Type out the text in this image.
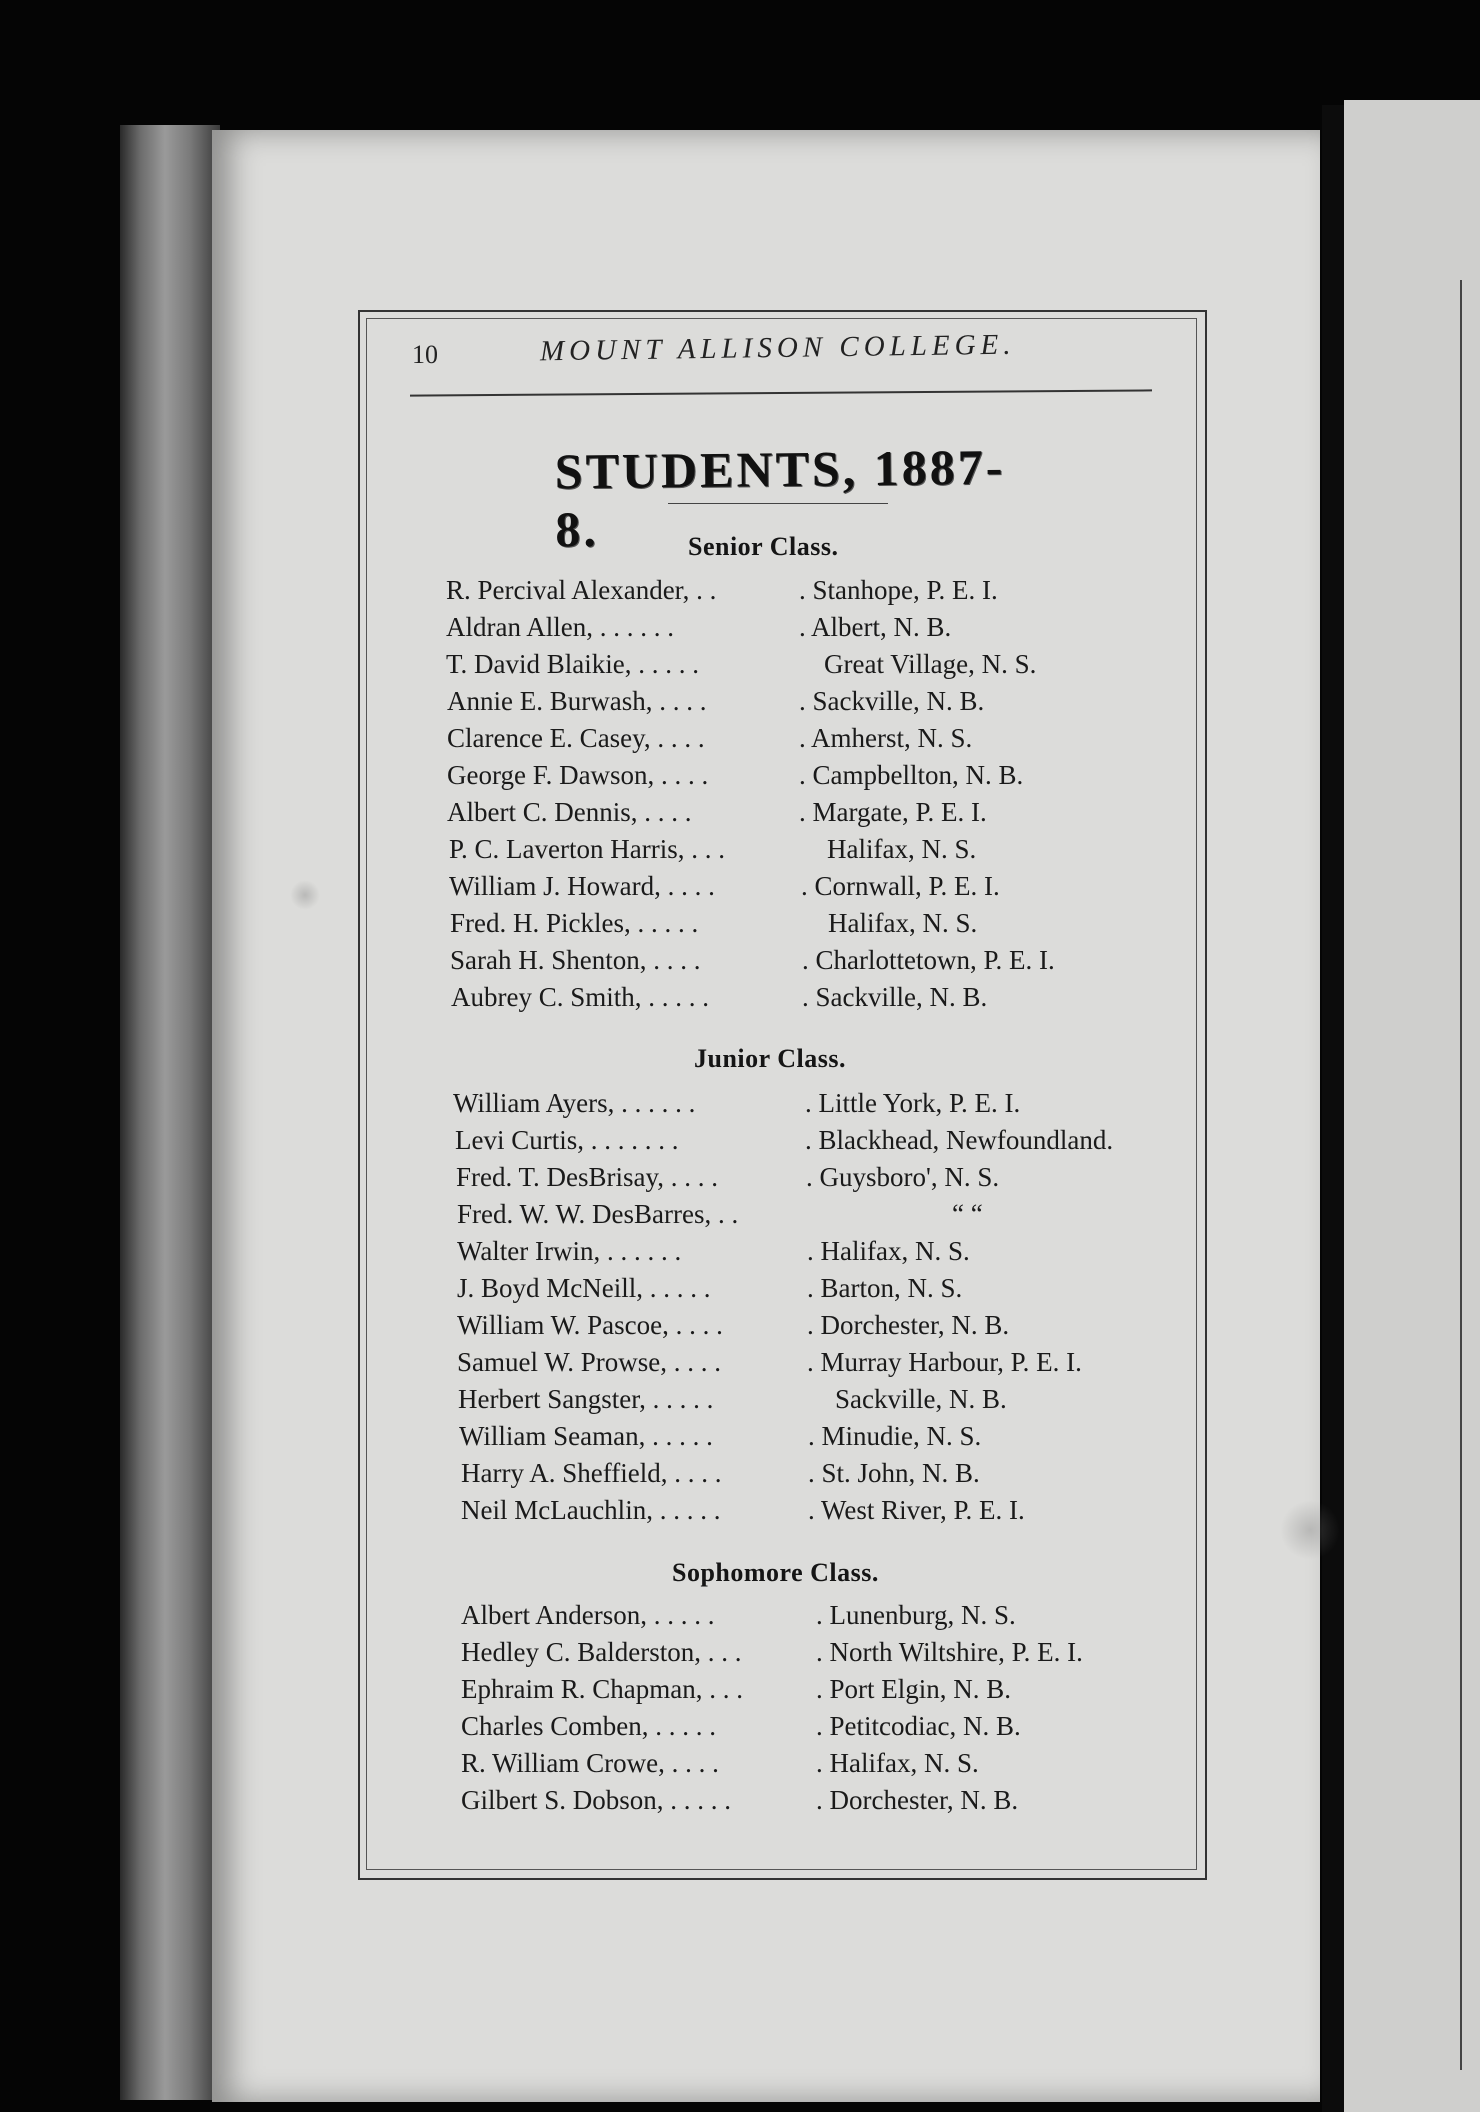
10	MOUNT ALLISON COLLEGE.
STUDENTS, 1887-8.	Senior Class.
R. Percival Alexander, . .	. Stanhope, P. E. I.
Aldran Allen, . . . . . .	. Albert, N. B.
T. David Blaikie, . . . . .	Great Village, N. S.
Annie E. Burwash, . . . .	. Sackville, N. B.
Clarence E. Casey, . . . .	. Amherst, N. S.
George F. Dawson, . . . .	. Campbellton, N. B.
Albert C. Dennis, . . . .	. Margate, P. E. I.
P. C. Laverton Harris, . . .	Halifax, N. S.
William J. Howard, . . . .	. Cornwall, P. E. I.
Fred. H. Pickles, . . . . .	Halifax, N. S.
Sarah H. Shenton, . . . .	. Charlottetown, P. E. I.
Aubrey C. Smith, . . . . .	. Sackville, N. B.
Junior Class.
William Ayers, . . . . . .	. Little York, P. E. I.
Levi Curtis, . . . . . . .	. Blackhead, Newfoundland.
Fred. T. DesBrisay, . . . .	. Guysboro', N. S.
Fred. W. W. DesBarres, . .	“ “
Walter Irwin, . . . . . .	. Halifax, N. S.
J. Boyd McNeill, . . . . .	. Barton, N. S.
William W. Pascoe, . . . .	. Dorchester, N. B.
Samuel W. Prowse, . . . .	. Murray Harbour, P. E. I.
Herbert Sangster, . . . . .	Sackville, N. B.
William Seaman, . . . . .	. Minudie, N. S.
Harry A. Sheffield, . . . .	. St. John, N. B.
Neil McLauchlin, . . . . .	. West River, P. E. I.
Sophomore Class.
Albert Anderson, . . . . .	. Lunenburg, N. S.
Hedley C. Balderston, . . .	. North Wiltshire, P. E. I.
Ephraim R. Chapman, . . .	. Port Elgin, N. B.
Charles Comben, . . . . .	. Petitcodiac, N. B.
R. William Crowe, . . . .	. Halifax, N. S.
Gilbert S. Dobson, . . . . .	. Dorchester, N. B.
